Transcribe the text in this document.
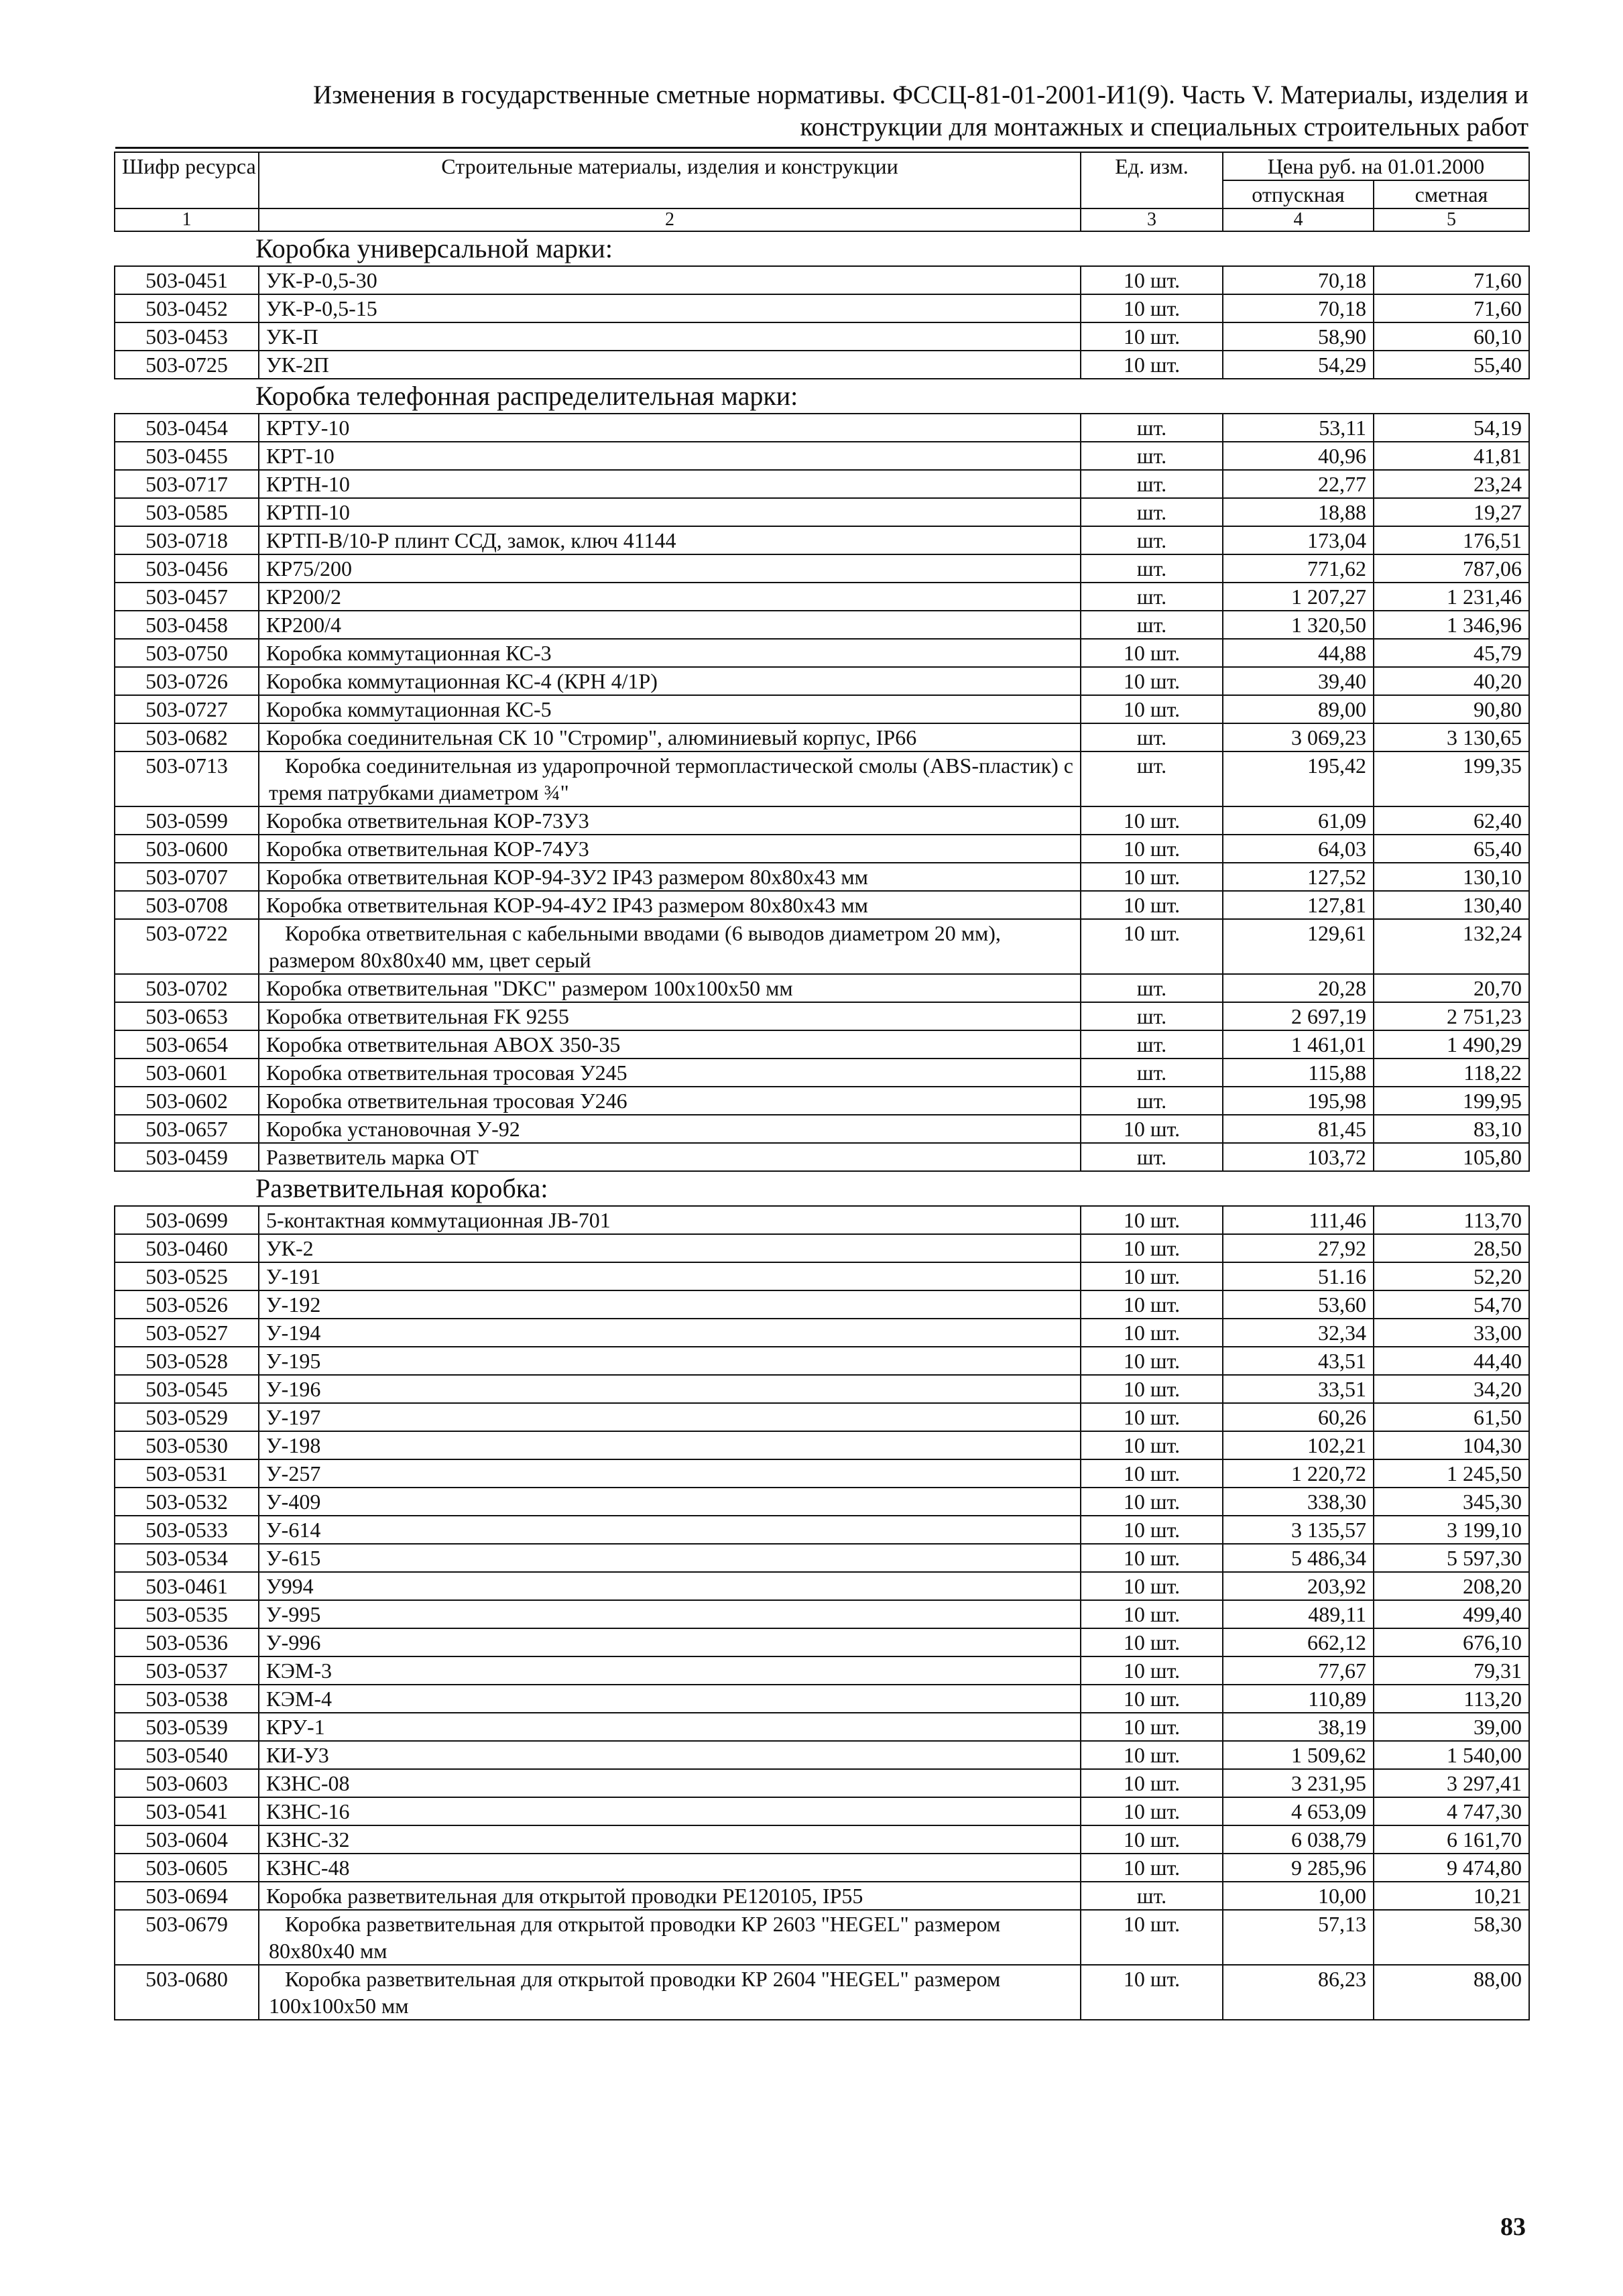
Изменения в государственные сметные нормативы. ФССЦ-81-01-2001-И1(9). Часть V. Материалы, изделия и
конструкции для монтажных и специальных строительных работ
Шифр ресурса	Строительные материалы, изделия и конструкции	Ед. изм.	Цена руб. на 01.01.2000	
			отпускная	сметная
1	2	3	4	5
Коробка универсальной марки:				
503-0451	УК-Р-0,5-30	10 шт.	70,18	71,60
503-0452	УК-Р-0,5-15	10 шт.	70,18	71,60
503-0453	УК-П	10 шт.	58,90	60,10
503-0725	УК-2П	10 шт.	54,29	55,40
Коробка телефонная распределительная марки:				
503-0454	КРТУ-10	шт.	53,11	54,19
503-0455	КРТ-10	шт.	40,96	41,81
503-0717	КРТН-10	шт.	22,77	23,24
503-0585	КРТП-10	шт.	18,88	19,27
503-0718	КРТП-В/10-Р плинт ССД, замок, ключ 41144	шт.	173,04	176,51
503-0456	КР75/200	шт.	771,62	787,06
503-0457	КР200/2	шт.	1 207,27	1 231,46
503-0458	КР200/4	шт.	1 320,50	1 346,96
503-0750	Коробка коммутационная КС-3	10 шт.	44,88	45,79
503-0726	Коробка коммутационная КС-4 (КРН 4/1Р)	10 шт.	39,40	40,20
503-0727	Коробка коммутационная КС-5	10 шт.	89,00	90,80
503-0682	Коробка соединительная СК 10 "Стромир", алюминиевый корпус, IP66	шт.	3 069,23	3 130,65
503-0713	Коробка соединительная из ударопрочной термопластической смолы (ABS-пластик) с тремя патрубками диаметром ¾"	шт.	195,42	199,35
503-0599	Коробка ответвительная КОР-73У3	10 шт.	61,09	62,40
503-0600	Коробка ответвительная КОР-74У3	10 шт.	64,03	65,40
503-0707	Коробка ответвительная КОР-94-3У2 IP43 размером 80х80х43 мм	10 шт.	127,52	130,10
503-0708	Коробка ответвительная КОР-94-4У2 IP43 размером 80х80х43 мм	10 шт.	127,81	130,40
503-0722	Коробка ответвительная с кабельными вводами (6 выводов диаметром 20 мм), размером 80х80х40 мм, цвет серый	10 шт.	129,61	132,24
503-0702	Коробка ответвительная "DKC" размером 100х100х50 мм	шт.	20,28	20,70
503-0653	Коробка ответвительная FK 9255	шт.	2 697,19	2 751,23
503-0654	Коробка ответвительная ABOX 350-35	шт.	1 461,01	1 490,29
503-0601	Коробка ответвительная тросовая У245	шт.	115,88	118,22
503-0602	Коробка ответвительная тросовая У246	шт.	195,98	199,95
503-0657	Коробка установочная У-92	10 шт.	81,45	83,10
503-0459	Разветвитель марка ОТ	шт.	103,72	105,80
Разветвительная коробка:				
503-0699	5-контактная коммутационная JB-701	10 шт.	111,46	113,70
503-0460	УК-2	10 шт.	27,92	28,50
503-0525	У-191	10 шт.	51.16	52,20
503-0526	У-192	10 шт.	53,60	54,70
503-0527	У-194	10 шт.	32,34	33,00
503-0528	У-195	10 шт.	43,51	44,40
503-0545	У-196	10 шт.	33,51	34,20
503-0529	У-197	10 шт.	60,26	61,50
503-0530	У-198	10 шт.	102,21	104,30
503-0531	У-257	10 шт.	1 220,72	1 245,50
503-0532	У-409	10 шт.	338,30	345,30
503-0533	У-614	10 шт.	3 135,57	3 199,10
503-0534	У-615	10 шт.	5 486,34	5 597,30
503-0461	У994	10 шт.	203,92	208,20
503-0535	У-995	10 шт.	489,11	499,40
503-0536	У-996	10 шт.	662,12	676,10
503-0537	КЭМ-3	10 шт.	77,67	79,31
503-0538	КЭМ-4	10 шт.	110,89	113,20
503-0539	КРУ-1	10 шт.	38,19	39,00
503-0540	КИ-У3	10 шт.	1 509,62	1 540,00
503-0603	КЗНС-08	10 шт.	3 231,95	3 297,41
503-0541	КЗНС-16	10 шт.	4 653,09	4 747,30
503-0604	КЗНС-32	10 шт.	6 038,79	6 161,70
503-0605	КЗНС-48	10 шт.	9 285,96	9 474,80
503-0694	Коробка разветвительная для открытой проводки PE120105, IP55	шт.	10,00	10,21
503-0679	Коробка разветвительная для открытой проводки КР 2603 "HEGEL" размером 80х80х40 мм	10 шт.	57,13	58,30
503-0680	Коробка разветвительная для открытой проводки КР 2604 "HEGEL" размером 100х100х50 мм	10 шт.	86,23	88,00
83
